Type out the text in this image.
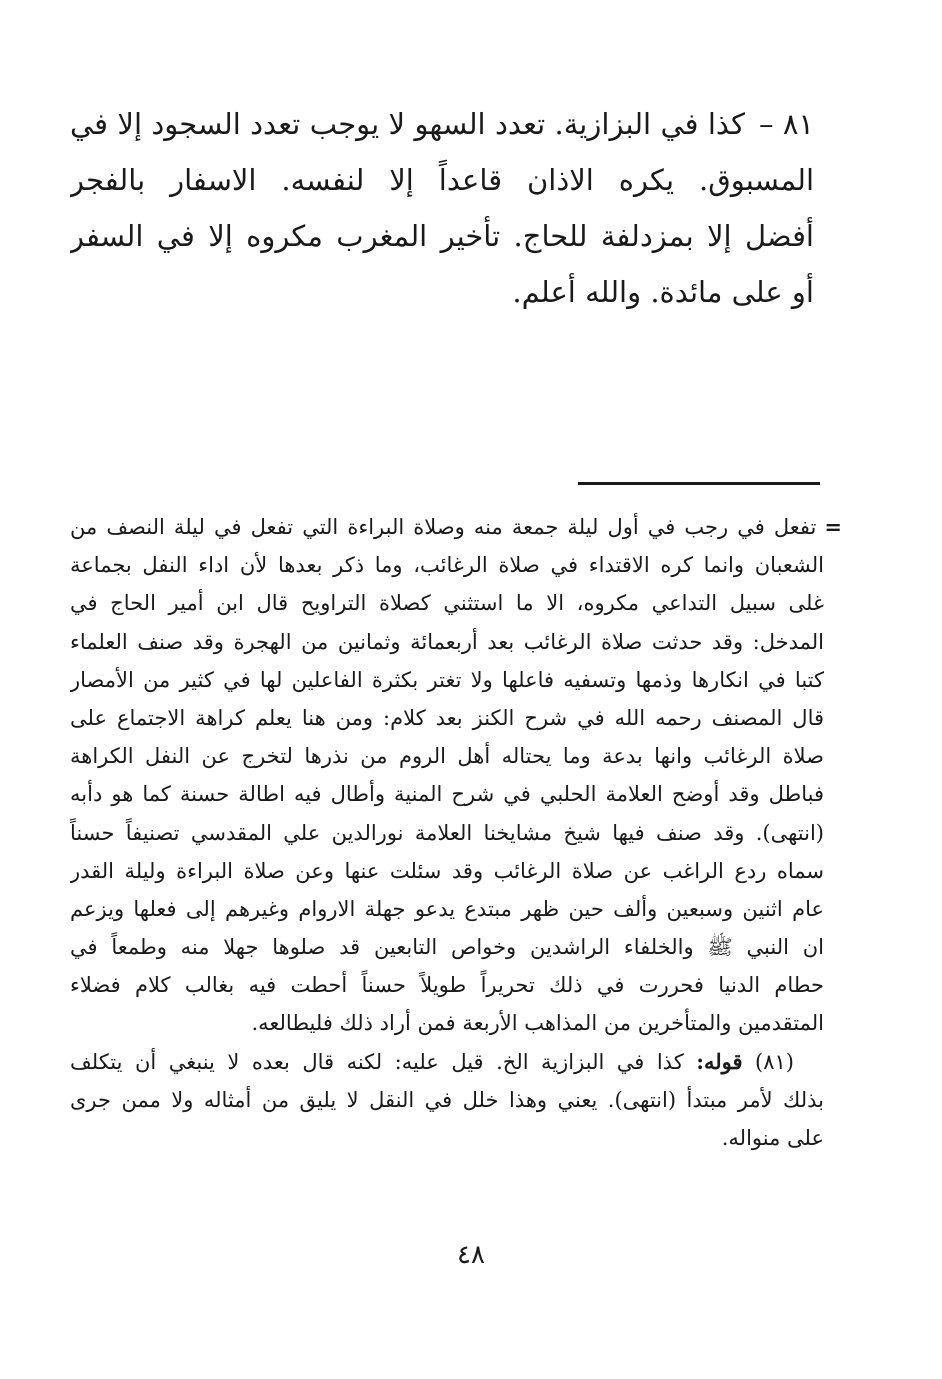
٨١ –كذا في البزازية. تعدد السهو لا يوجب تعدد السجود إلا في
المسبوق. يكره الاذان قاعداً إلا لنفسه. الاسفار بالفجر
أفضل إلا بمزدلفة للحاج. تأخير المغرب مكروه إلا في السفر
أو على مائدة. والله أعلم.
=تفعل في رجب في أول ليلة جمعة منه وصلاة البراءة التي تفعل في ليلة النصف من
الشعبان وانما كره الاقتداء في صلاة الرغائب، وما ذكر بعدها لأن اداء النفل بجماعة
غلى سبيل التداعي مكروه، الا ما استثني كصلاة التراويح قال ابن أمير الحاج في
المدخل: وقد حدثت صلاة الرغائب بعد أربعمائة وثمانين من الهجرة وقد صنف العلماء
كتبا في انكارها وذمها وتسفيه فاعلها ولا تغتر بكثرة الفاعلين لها في كثير من الأمصار
قال المصنف رحمه الله في شرح الكنز بعد كلام: ومن هنا يعلم كراهة الاجتماع على
صلاة الرغائب وانها بدعة وما يحتاله أهل الروم من نذرها لتخرج عن النفل الكراهة
فباطل وقد أوضح العلامة الحلبي في شرح المنية وأطال فيه اطالة حسنة كما هو دأبه
(انتهى). وقد صنف فيها شيخ مشايخنا العلامة نورالدين علي المقدسي تصنيفاً حسناً
سماه ردع الراغب عن صلاة الرغائب وقد سئلت عنها وعن صلاة البراءة وليلة القدر
عام اثنين وسبعين وألف حين ظهر مبتدع يدعو جهلة الاروام وغيرهم إلى فعلها ويزعم
ان النبي ﷺ والخلفاء الراشدين وخواص التابعين قد صلوها جهلا منه وطمعاً في
حطام الدنيا فحررت في ذلك تحريراً طويلاً حسناً أحطت فيه بغالب كلام فضلاء
المتقدمين والمتأخرين من المذاهب الأربعة فمن أراد ذلك فليطالعه.
(٨١) قوله: كذا في البزازية الخ. قيل عليه: لكنه قال بعده لا ينبغي أن يتكلف
بذلك لأمر مبتدأ (انتهى). يعني وهذا خلل في النقل لا يليق من أمثاله ولا ممن جرى
على منواله.
٤٨
